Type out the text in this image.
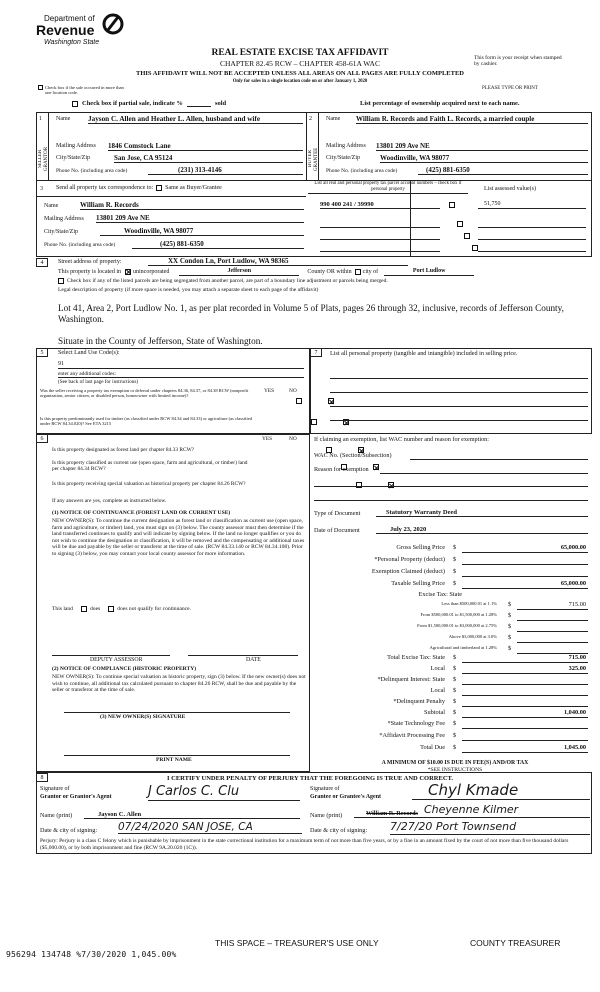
Department of
Revenue
Washington State
REAL ESTATE EXCISE TAX AFFIDAVIT
CHAPTER 82.45 RCW – CHAPTER 458-61A WAC
THIS AFFIDAVIT WILL NOT BE ACCEPTED UNLESS ALL AREAS ON ALL PAGES ARE FULLY COMPLETED
Only for sales in a single location code on or after January 1, 2020
This form is your receipt when stamped by cashier.
PLEASE TYPE OR PRINT
Check box if the sale occurred in more than one location code.
Check box if partial sale, indicate %	sold	List percentage of ownership acquired next to each name.
1
SELLER GRANTOR
Name Jayson C. Allen and Heather L. Allen, husband and wife
Mailing Address 1846 Comstock Lane
City/State/Zip	San Jose, CA 95124
Phone No. (including area code)	(231) 313-4146
2
BUYER GRANTEE
Name William R. Records and Faith L. Records, a married couple
Mailing Address 13801 209 Ave NE
City/State/Zip	Woodinville, WA 98077
Phone No. (including area code)	(425) 881-6350
3 Send all property tax correspondence to: Same as Buyer/Grantee
Name	William R. Records
Mailing Address 13801 209 Ave NE
City/State/Zip	Woodinville, WA 98077
Phone No. (including area code)	(425) 881-6350
List all real and personal property tax parcel account numbers – check box if personal property	List assessed value(s)
990 400 241 / 39990
	51,750

4	Street address of property:	XX Condon Ln, Port Ludlow, WA 98365
This property is located in unincorporated	Jefferson	County OR within city of	Port Ludlow
Check box if any of the listed parcels are being segregated from another parcel, are part of a boundary line adjustment or parcels being merged.
Legal description of property (if more space is needed, you may attach a separate sheet to each page of the affidavit)
Lot 41, Area 2, Port Ludlow No. 1, as per plat recorded in Volume 5 of Plats, pages 26 through 32, inclusive, records of Jefferson County, Washington.
Situate in the County of Jefferson, State of Washington.
5	Select Land Use Code(s):
91
enter any additional codes:
(See back of last page for instructions)
YES	NO
Was the seller receiving a property tax exemption or deferral under chapters 84.36, 84.37, or 84.38 RCW (nonprofit organization, senior citizen, or disabled person, homeowner with limited income)?

Is this property predominantly used for timber (as classified under RCW 84.34 and 84.33) or agriculture (as classified under RCW 84.34.020)? See ETA 3215

7	List all personal property (tangible and intangible) included in selling price.
6	YES	NO
Is this property designated as forest land per chapter 84.33 RCW?

Is this property classified as current use (open space, farm and agricultural, or timber) land per chapter 84.34 RCW?

Is this property receiving special valuation as historical property per chapter 84.26 RCW?

If any answers are yes, complete as instructed below.
(1) NOTICE OF CONTINUANCE (FOREST LAND OR CURRENT USE)
NEW OWNER(S): To continue the current designation as forest land or classification as current use (open space, farm and agriculture, or timber) land, you must sign on (3) below. The county assessor must then determine if the land transferred continues to qualify and will indicate by signing below. If the land no longer qualifies or you do not wish to continue the designation or classification, it will be removed and the compensating or additional taxes will be due and payable by the seller or transferor at the time of sale. (RCW 84.33.140 or RCW 84.34.108). Prior to signing (3) below, you may contact your local county assessor for more information.
This land	does	does not qualify for continuance.
DEPUTY ASSESSOR	DATE
(2) NOTICE OF COMPLIANCE (HISTORIC PROPERTY)
NEW OWNER(S): To continue special valuation as historic property, sign (3) below. If the new owner(s) does not wish to continue, all additional tax calculated pursuant to chapter 84.26 RCW, shall be due and payable by the seller or transferor at the time of sale.
(3) NEW OWNER(S) SIGNATURE
PRINT NAME
If claiming an exemption, list WAC number and reason for exemption:
WAC No. (Section/Subsection)
Reason for exemption
Type of Document	Statutory Warranty Deed
Date of Document	July 23, 2020
Gross Selling Price $	65,000.00
*Personal Property (deduct) $
Exemption Claimed (deduct) $
Taxable Selling Price $	65,000.00
Excise Tax: State
Less than $500,000.01 at 1.1% $	715.00
From $500,000.01 to $1,500,000 at 1.28% $
From $1,500,000.01 to $3,000,000 at 2.75% $
Above $3,000,000 at 3.0% $
Agricultural and timberland at 1.28% $
Total Excise Tax: State $	715.00
Local $	325.00
*Delinquent Interest: State $
Local $
*Delinquent Penalty $
Subtotal $	1,040.00
*State Technology Fee $
*Affidavit Processing Fee $
Total Due $	1,045.00
A MINIMUM OF $10.00 IS DUE IN FEE(S) AND/OR TAX
*SEE INSTRUCTIONS
8	I CERTIFY UNDER PENALTY OF PERJURY THAT THE FOREGOING IS TRUE AND CORRECT.
Signature of
Grantor or Grantor's Agent	J Carlos C. Clu
Name (print)	Jayson C. Allen
Date & city of signing: 07/24/2020 SAN JOSE, CA
Signature of
Grantee or Grantee's Agent	Chyl Kmade
Name (print)	William R. Records Cheyenne Kilmer
Date & city of signing: 7/27/20 Port Townsend
Perjury: Perjury is a class C felony which is punishable by imprisonment in the state correctional institution for a maximum term of not more than five years, or by a fine in an amount fixed by the court of not more than five thousand dollars ($5,000.00), or by both imprisonment and fine (RCW 9A.20.020 (1C)).
956294 134748 %7/30/2020 1,045.00%
THIS SPACE – TREASURER'S USE ONLY	COUNTY TREASURER
